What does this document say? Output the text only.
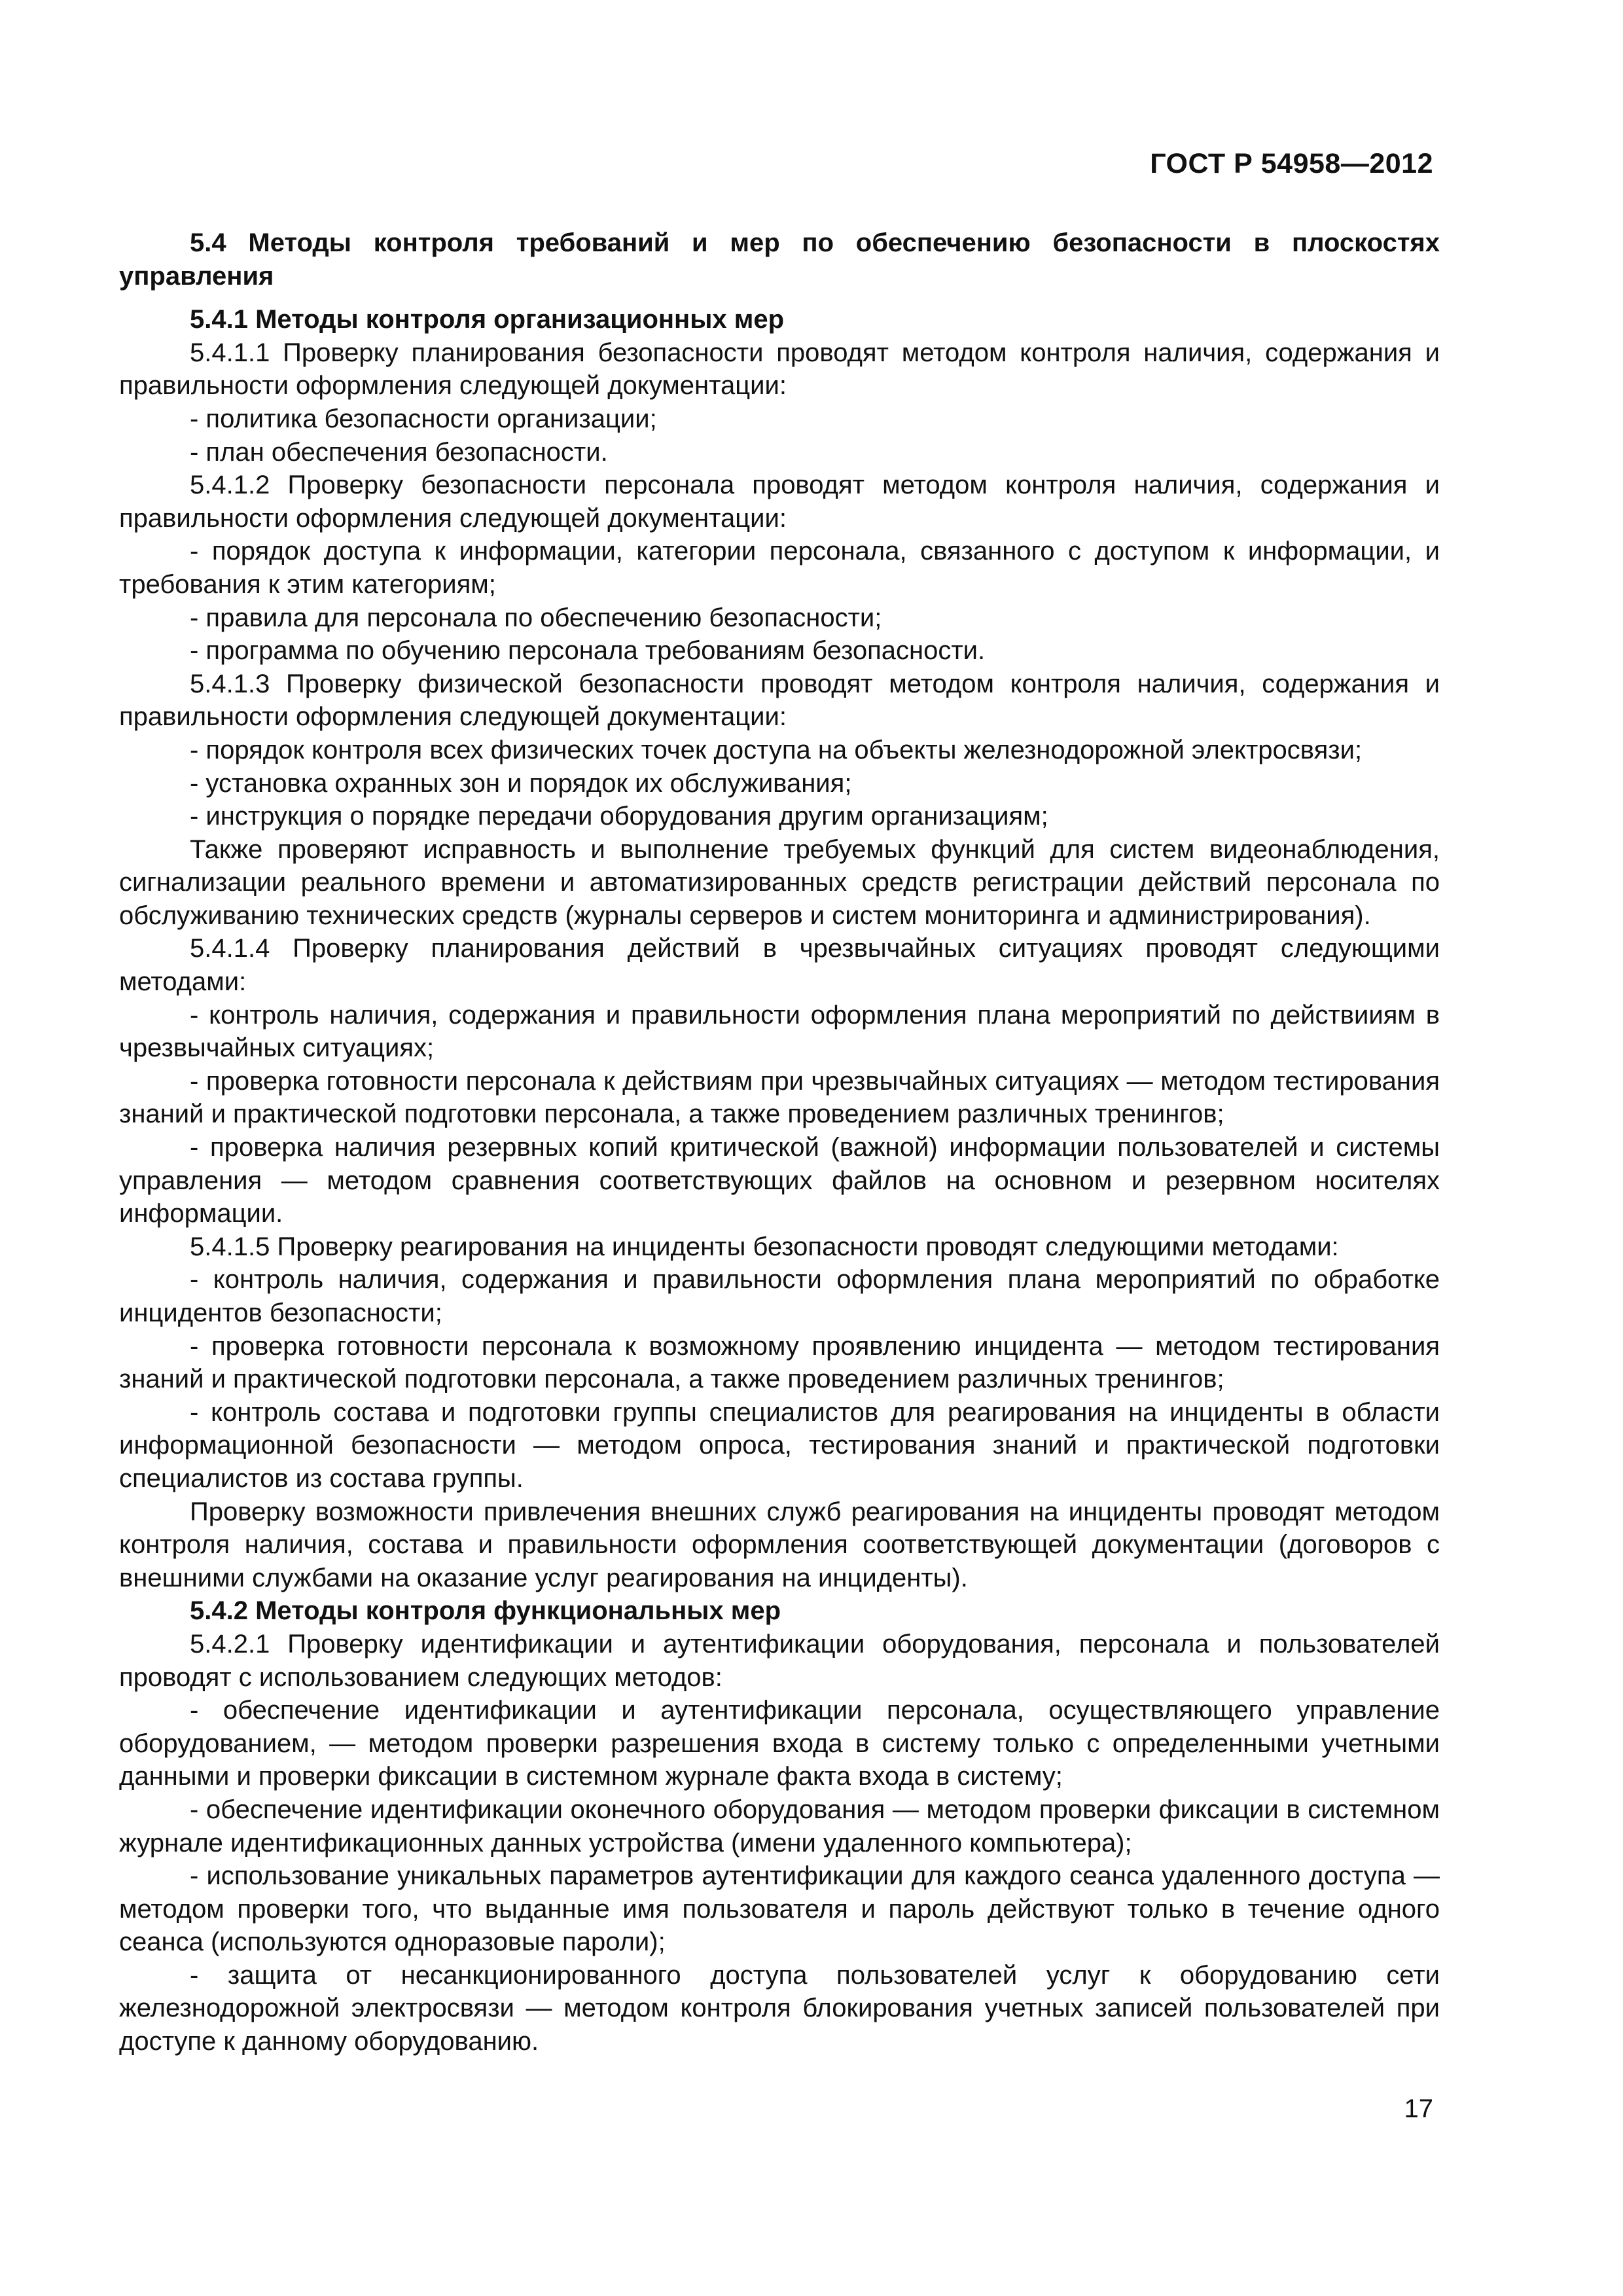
ГОСТ Р 54958—2012

5.4 Методы контроля требований и мер по обеспечению безопасности в плоскостях управления

5.4.1 Методы контроля организационных мер

5.4.1.1 Проверку планирования безопасности проводят методом контроля наличия, содержания и правильности оформления следующей документации:

- политика безопасности организации;

- план обеспечения безопасности.

5.4.1.2 Проверку безопасности персонала проводят методом контроля наличия, содержания и правильности оформления следующей документации:

- порядок доступа к информации, категории персонала, связанного с доступом к информации, и требования к этим категориям;

- правила для персонала по обеспечению безопасности;

- программа по обучению персонала требованиям безопасности.

5.4.1.3 Проверку физической безопасности проводят методом контроля наличия, содержания и правильности оформления следующей документации:

- порядок контроля всех физических точек доступа на объекты железнодорожной электросвязи;

- установка охранных зон и порядок их обслуживания;

- инструкция о порядке передачи оборудования другим организациям;

Также проверяют исправность и выполнение требуемых функций для систем видеонаблюдения, сигнализации реального времени и автоматизированных средств регистрации действий персонала по обслуживанию технических средств (журналы серверов и систем мониторинга и администрирования).

5.4.1.4 Проверку планирования действий в чрезвычайных ситуациях проводят следующими методами:

- контроль наличия, содержания и правильности оформления плана мероприятий по действииям в чрезвычайных ситуациях;

- проверка готовности персонала к действиям при чрезвычайных ситуациях — методом тестирования знаний и практической подготовки персонала, а также проведением различных тренингов;

- проверка наличия резервных копий критической (важной) информации пользователей и системы управления — методом сравнения соответствующих файлов на основном и резервном носителях информации.

5.4.1.5 Проверку реагирования на инциденты безопасности проводят следующими методами:

- контроль наличия, содержания и правильности оформления плана мероприятий по обработке инцидентов безопасности;

- проверка готовности персонала к возможному проявлению инцидента — методом тестирования знаний и практической подготовки персонала, а также проведением различных тренингов;

- контроль состава и подготовки группы специалистов для реагирования на инциденты в области информационной безопасности — методом опроса, тестирования знаний и практической подготовки специалистов из состава группы.

Проверку возможности привлечения внешних служб реагирования на инциденты проводят методом контроля наличия, состава и правильности оформления соответствующей документации (договоров с внешними службами на оказание услуг реагирования на инциденты).

5.4.2 Методы контроля функциональных мер

5.4.2.1 Проверку идентификации и аутентификации оборудования, персонала и пользователей проводят с использованием следующих методов:

- обеспечение идентификации и аутентификации персонала, осуществляющего управление оборудованием, — методом проверки разрешения входа в систему только с определенными учетными данными и проверки фиксации в системном журнале факта входа в систему;

- обеспечение идентификации оконечного оборудования — методом проверки фиксации в системном журнале идентификационных данных устройства (имени удаленного компьютера);

- использование уникальных параметров аутентификации для каждого сеанса удаленного доступа — методом проверки того, что выданные имя пользователя и пароль действуют только в течение одного сеанса (используются одноразовые пароли);

- защита от несанкционированного доступа пользователей услуг к оборудованию сети железнодорожной электросвязи — методом контроля блокирования учетных записей пользователей при доступе к данному оборудованию.

17
